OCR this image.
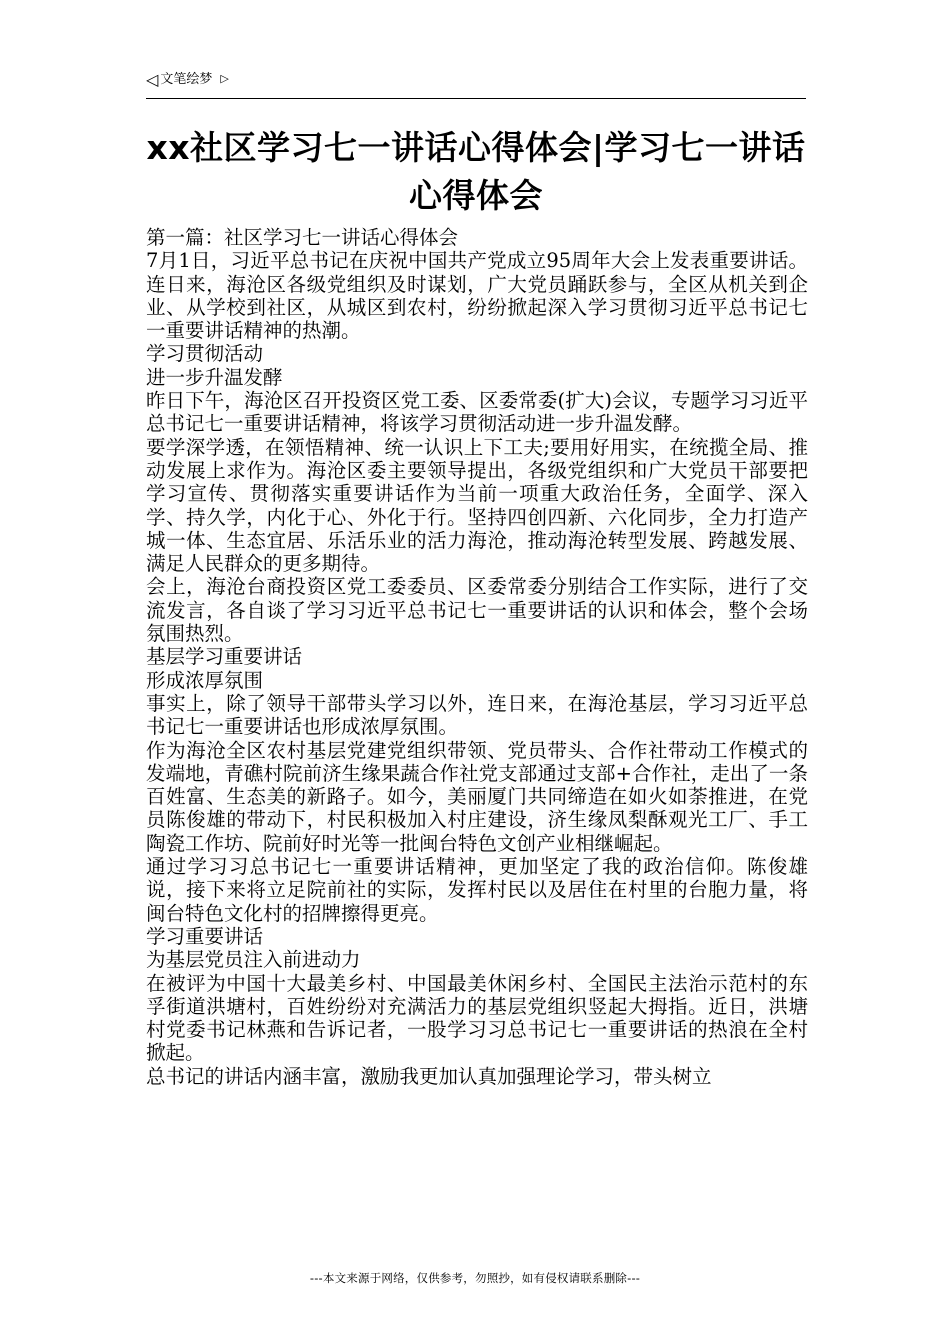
◁ 文笔绘梦 ▷
xx社区学习七一讲话心得体会|学习七一讲话心得体会

第一篇：社区学习七一讲话心得体会

7月1日，习近平总书记在庆祝中国共产党成立95周年大会上发表重要讲话。连日来，海沧区各级党组织及时谋划，广大党员踊跃参与，全区从机关到企业、从学校到社区，从城区到农村，纷纷掀起深入学习贯彻习近平总书记七一重要讲话精神的热潮。

学习贯彻活动

进一步升温发酵

昨日下午，海沧区召开投资区党工委、区委常委(扩大)会议，专题学习习近平总书记七一重要讲话精神，将该学习贯彻活动进一步升温发酵。

要学深学透，在领悟精神、统一认识上下工夫;要用好用实，在统揽全局、推动发展上求作为。海沧区委主要领导提出，各级党组织和广大党员干部要把学习宣传、贯彻落实重要讲话作为当前一项重大政治任务，全面学、深入学、持久学，内化于心、外化于行。坚持四创四新、六化同步，全力打造产城一体、生态宜居、乐活乐业的活力海沧，推动海沧转型发展、跨越发展、满足人民群众的更多期待。

会上，海沧台商投资区党工委委员、区委常委分别结合工作实际，进行了交流发言，各自谈了学习习近平总书记七一重要讲话的认识和体会，整个会场氛围热烈。

基层学习重要讲话

形成浓厚氛围

事实上，除了领导干部带头学习以外，连日来，在海沧基层，学习习近平总书记七一重要讲话也形成浓厚氛围。

作为海沧全区农村基层党建党组织带领、党员带头、合作社带动工作模式的发端地，青礁村院前济生缘果蔬合作社党支部通过支部+合作社，走出了一条百姓富、生态美的新路子。如今，美丽厦门共同缔造在如火如荼推进，在党员陈俊雄的带动下，村民积极加入村庄建设，济生缘凤梨酥观光工厂、手工陶瓷工作坊、院前好时光等一批闽台特色文创产业相继崛起。

通过学习习总书记七一重要讲话精神，更加坚定了我的政治信仰。陈俊雄说，接下来将立足院前社的实际，发挥村民以及居住在村里的台胞力量，将闽台特色文化村的招牌擦得更亮。

学习重要讲话

为基层党员注入前进动力

在被评为中国十大最美乡村、中国最美休闲乡村、全国民主法治示范村的东孚街道洪塘村，百姓纷纷对充满活力的基层党组织竖起大拇指。近日，洪塘村党委书记林燕和告诉记者，一股学习习总书记七一重要讲话的热浪在全村掀起。

总书记的讲话内涵丰富，激励我更加认真加强理论学习，带头树立

---本文来源于网络，仅供参考，勿照抄，如有侵权请联系删除---
